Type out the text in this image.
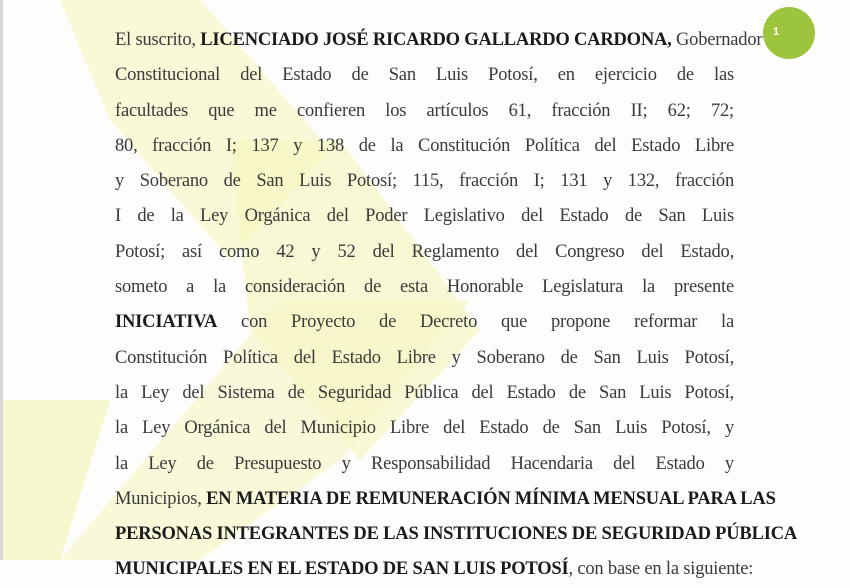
1
El suscrito, LICENCIADO JOSÉ RICARDO GALLARDO CARDONA, Gobernador
Constitucional del Estado de San Luis Potosí, en ejercicio de las
facultades que me confieren los artículos 61, fracción II; 62; 72;
80, fracción I; 137 y 138 de la Constitución Política del Estado Libre
y Soberano de San Luis Potosí; 115, fracción I; 131 y 132, fracción
I de la Ley Orgánica del Poder Legislativo del Estado de San Luis
Potosí; así como 42 y 52 del Reglamento del Congreso del Estado,
someto a la consideración de esta Honorable Legislatura la presente
INICIATIVA con Proyecto de Decreto que propone reformar la
Constitución Política del Estado Libre y Soberano de San Luis Potosí,
la Ley del Sistema de Seguridad Pública del Estado de San Luis Potosí,
la Ley Orgánica del Municipio Libre del Estado de San Luis Potosí, y
la Ley de Presupuesto y Responsabilidad Hacendaria del Estado y
Municipios, EN MATERIA DE REMUNERACIÓN MÍNIMA MENSUAL PARA LAS
PERSONAS INTEGRANTES DE LAS INSTITUCIONES DE SEGURIDAD PÚBLICA
MUNICIPALES EN EL ESTADO DE SAN LUIS POTOSÍ, con base en la siguiente:
